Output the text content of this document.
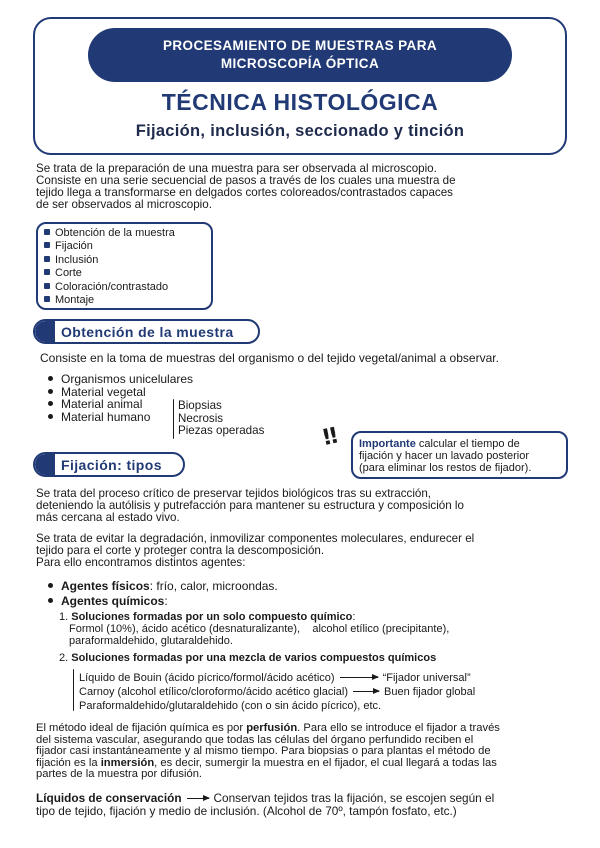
PROCESAMIENTO DE MUESTRAS PARA
MICROSCOPÍA ÓPTICA
TÉCNICA HISTOLÓGICA
Fijación, inclusión, seccionado y tinción
Se trata de la preparación de una muestra para ser observada al microscopio.
Consiste en una serie secuencial de pasos a través de los cuales una muestra de
tejido llega a transformarse en delgados cortes coloreados/contrastados capaces
de ser observados al microscopio.
Obtención de la muestra
Fijación
Inclusión
Corte
Coloración/contrastado
Montaje
Obtención de la muestra
Consiste en la toma de muestras del organismo o del tejido vegetal/animal a observar.
Organismos unicelulares
Material vegetal
Material animal
Material humano
Biopsias
Necrosis
Piezas operadas	!! Importante calcular el tiempo de
fijación y hacer un lavado posterior
(para eliminar los restos de fijador).
Fijación: tipos
Se trata del proceso crítico de preservar tejidos biológicos tras su extracción,
deteniendo la autólisis y putrefacción para mantener su estructura y composición lo
más cercana al estado vivo.
Se trata de evitar la degradación, inmovilizar componentes moleculares, endurecer el
tejido para el corte y proteger contra la descomposición.
Para ello encontramos distintos agentes:
Agentes físicos: frío, calor, microondas.
Agentes químicos:
1. Soluciones formadas por un solo compuesto químico:
Formol (10%), ácido acético (desnaturalizante), alcohol etílico (precipitante),
paraformaldehido, glutaraldehido.
2. Soluciones formadas por una mezcla de varios compuestos químicos
Líquido de Bouin (ácido pícrico/formol/ácido acético)	“Fijador universal”
Carnoy (alcohol etílico/cloroformo/ácido acético glacial)	Buen fijador global
Paraformaldehido/glutaraldehido (con o sin ácido pícrico), etc.
El método ideal de fijación química es por perfusión. Para ello se introduce el fijador a través
del sistema vascular, asegurando que todas las células del órgano perfundido reciben el
fijador casi instantáneamente y al mismo tiempo. Para biopsias o para plantas el método de
fijación es la inmersión, es decir, sumergir la muestra en el fijador, el cual llegará a todas las
partes de la muestra por difusión.
Líquidos de conservación	Conservan tejidos tras la fijación, se escojen según el
tipo de tejido, fijación y medio de inclusión. (Alcohol de 70º, tampón fosfato, etc.)
